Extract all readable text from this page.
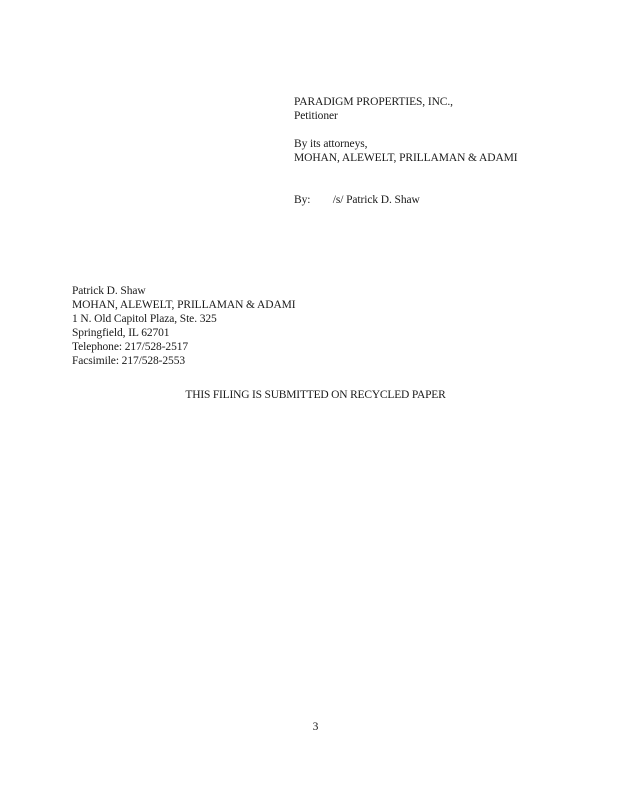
PARADIGM PROPERTIES, INC.,
Petitioner
By its attorneys,
MOHAN, ALEWELT, PRILLAMAN & ADAMI
By: /s/ Patrick D. Shaw
Patrick D. Shaw
MOHAN, ALEWELT, PRILLAMAN & ADAMI
1 N. Old Capitol Plaza, Ste. 325
Springfield, IL 62701
Telephone: 217/528-2517
Facsimile: 217/528-2553
THIS FILING IS SUBMITTED ON RECYCLED PAPER
3
